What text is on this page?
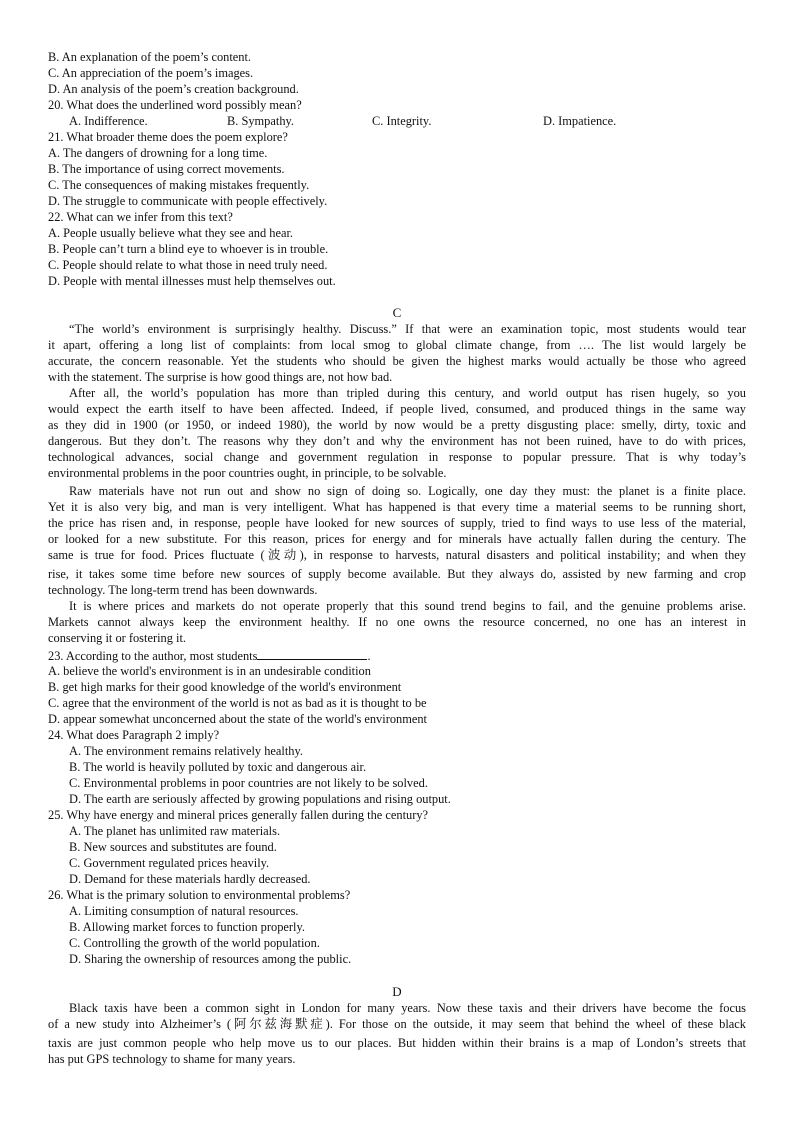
B. An explanation of the poem’s content.
C. An appreciation of the poem’s images.
D. An analysis of the poem’s creation background.
20. What does the underlined word possibly mean?
A. Indifference.	B. Sympathy.	C. Integrity.	D. Impatience.
21. What broader theme does the poem explore?
A. The dangers of drowning for a long time.
B. The importance of using correct movements.
C. The consequences of making mistakes frequently.
D. The struggle to communicate with people effectively.
22. What can we infer from this text?
A. People usually believe what they see and hear.
B. People can’t turn a blind eye to whoever is in trouble.
C. People should relate to what those in need truly need.
D. People with mental illnesses must help themselves out.
C
“The world’s environment is surprisingly healthy. Discuss.” If that were an examination topic, most students would tear
it apart, offering a long list of complaints: from local smog to global climate change, from …. The list would largely be
accurate, the concern reasonable. Yet the students who should be given the highest marks would actually be those who agreed
with the statement. The surprise is how good things are, not how bad.
After all, the world’s population has more than tripled during this century, and world output has risen hugely, so you
would expect the earth itself to have been affected. Indeed, if people lived, consumed, and produced things in the same way
as they did in 1900 (or 1950, or indeed 1980), the world by now would be a pretty disgusting place: smelly, dirty, toxic and
dangerous. But they don’t. The reasons why they don’t and why the environment has not been ruined, have to do with prices,
technological advances, social change and government regulation in response to popular pressure. That is why today’s
environmental problems in the poor countries ought, in principle, to be solvable.
Raw materials have not run out and show no sign of doing so. Logically, one day they must: the planet is a finite place.
Yet it is also very big, and man is very intelligent. What has happened is that every time a material seems to be running short,
the price has risen and, in response, people have looked for new sources of supply, tried to find ways to use less of the material,
or looked for a new substitute. For this reason, prices for energy and for minerals have actually fallen during the century. The
same is true for food. Prices fluctuate (波动), in response to harvests, natural disasters and political instability; and when they
rise, it takes some time before new sources of supply become available. But they always do, assisted by new farming and crop
technology. The long-term trend has been downwards.
It is where prices and markets do not operate properly that this sound trend begins to fail, and the genuine problems arise.
Markets cannot always keep the environment healthy. If no one owns the resource concerned, no one has an interest in
conserving it or fostering it.
23. According to the author, most students	.
A. believe the world's environment is in an undesirable condition
B. get high marks for their good knowledge of the world's environment
C. agree that the environment of the world is not as bad as it is thought to be
D. appear somewhat unconcerned about the state of the world's environment
24. What does Paragraph 2 imply?
A. The environment remains relatively healthy.
B. The world is heavily polluted by toxic and dangerous air.
C. Environmental problems in poor countries are not likely to be solved.
D. The earth are seriously affected by growing populations and rising output.
25. Why have energy and mineral prices generally fallen during the century?
A. The planet has unlimited raw materials.
B. New sources and substitutes are found.
C. Government regulated prices heavily.
D. Demand for these materials hardly decreased.
26. What is the primary solution to environmental problems?
A. Limiting consumption of natural resources.
B. Allowing market forces to function properly.
C. Controlling the growth of the world population.
D. Sharing the ownership of resources among the public.
D
Black taxis have been a common sight in London for many years. Now these taxis and their drivers have become the focus
of a new study into Alzheimer’s (阿尔兹海默症). For those on the outside, it may seem that behind the wheel of these black
taxis are just common people who help move us to our places. But hidden within their brains is a map of London’s streets that
has put GPS technology to shame for many years.
